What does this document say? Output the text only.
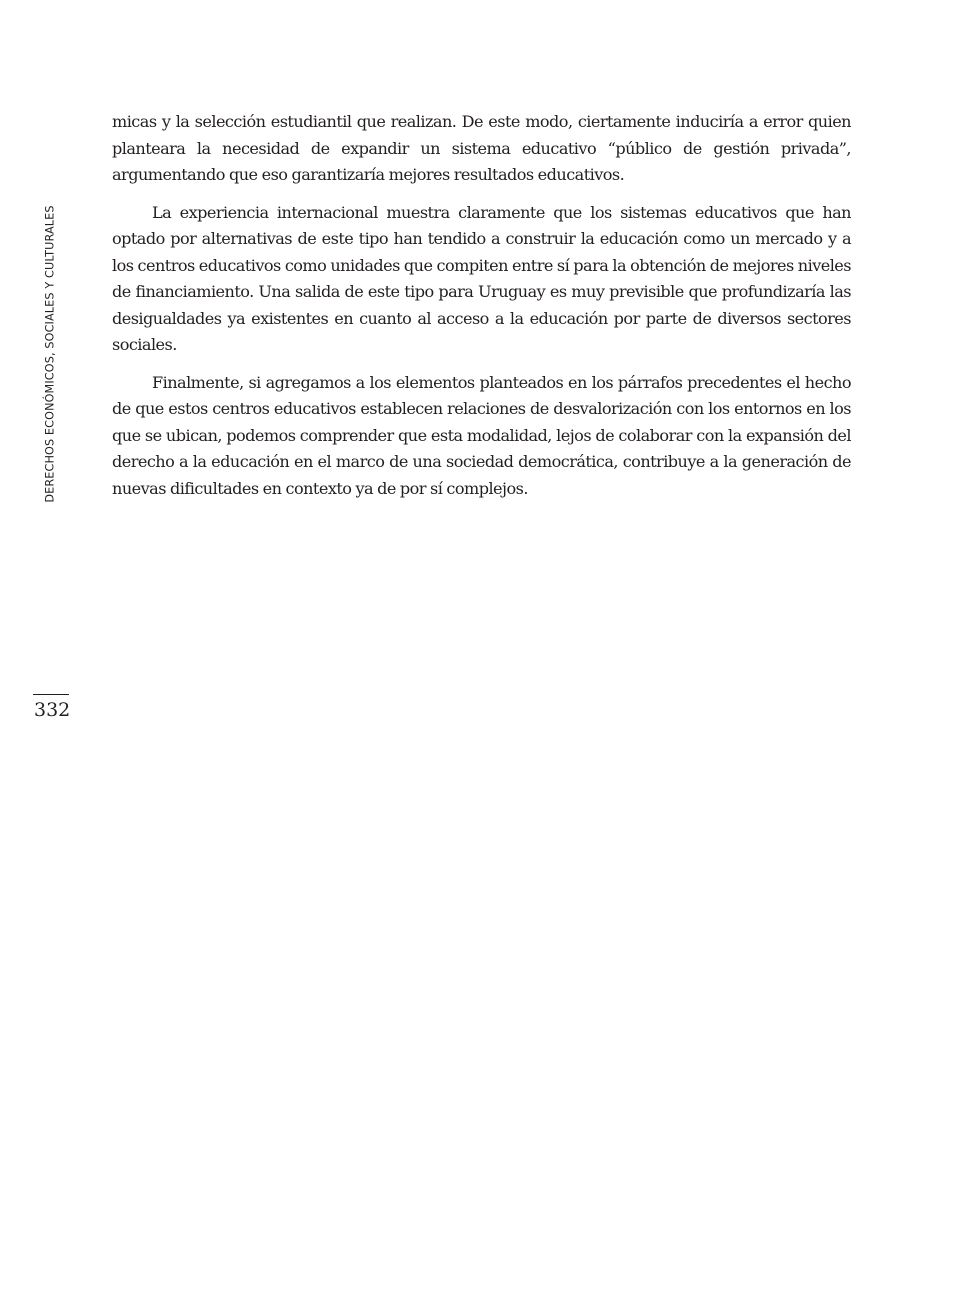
DERECHOS ECONÓMICOS, SOCIALES Y CULTURALES

micas y la selección estudiantil que realizan. De este modo, ciertamente induciría a error quien planteara la necesidad de expandir un sistema educativo “público de gestión privada”, argumentando que eso garantizaría mejores resultados educativos.

La experiencia internacional muestra claramente que los sistemas educativos que han optado por alternativas de este tipo han tendido a construir la educación como un mercado y a los centros educativos como unidades que compiten entre sí para la obtención de mejores niveles de financiamiento. Una salida de este tipo para Uruguay es muy previsible que profundizaría las desigualdades ya existentes en cuanto al acceso a la educación por parte de diversos sectores sociales.

Finalmente, si agregamos a los elementos planteados en los párrafos precedentes el hecho de que estos centros educativos establecen relaciones de desvalorización con los entornos en los que se ubican, podemos comprender que esta modalidad, lejos de colaborar con la expansión del derecho a la educación en el marco de una sociedad democrática, contribuye a la generación de nuevas dificultades en contexto ya de por sí complejos.

332
